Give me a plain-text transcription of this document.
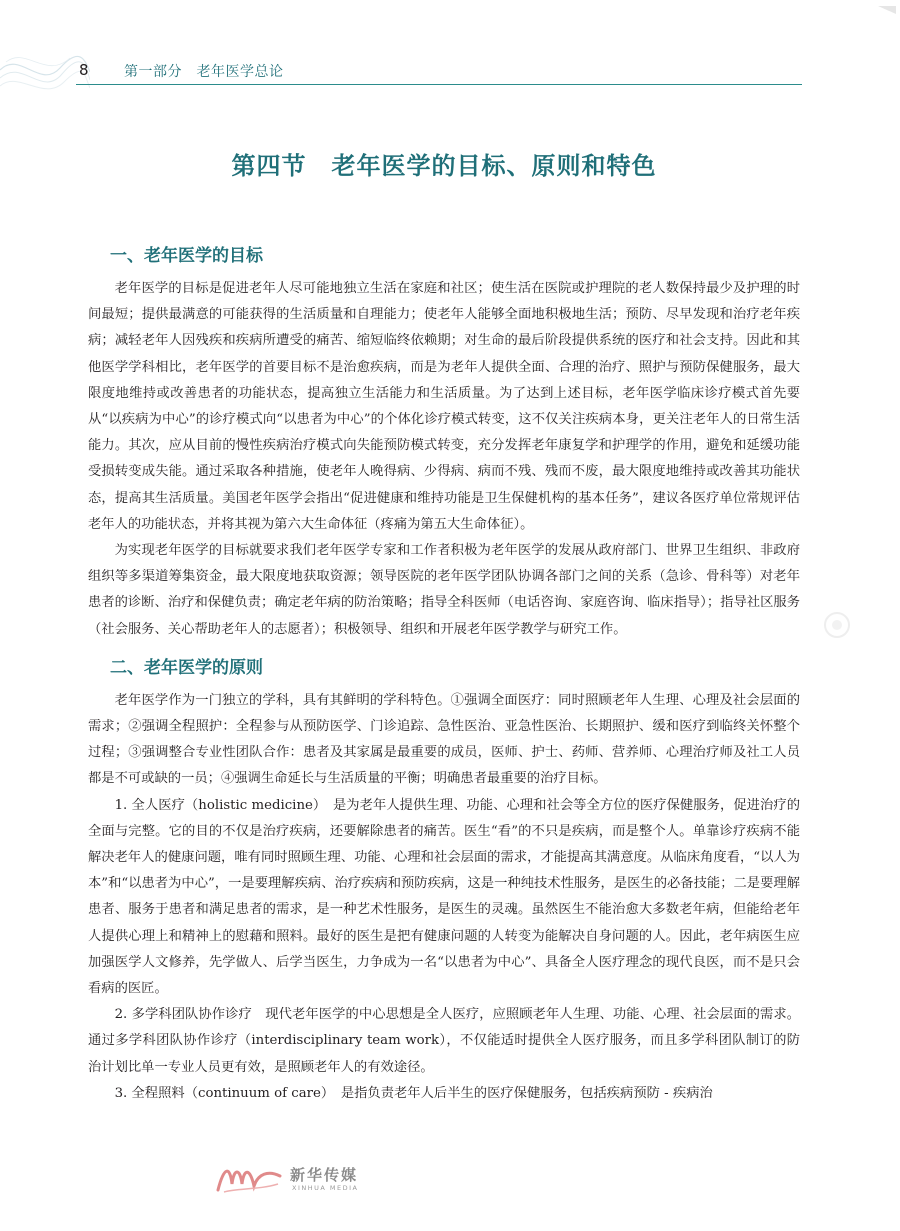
8	第一部分　老年医学总论
第四节　老年医学的目标、原则和特色
一、老年医学的目标

老年医学的目标是促进老年人尽可能地独立生活在家庭和社区；使生活在医院或护理院的老人数保持最少及护理的时间最短；提供最满意的可能获得的生活质量和自理能力；使老年人能够全面地积极地生活；预防、尽早发现和治疗老年疾病；减轻老年人因残疾和疾病所遭受的痛苦、缩短临终依赖期；对生命的最后阶段提供系统的医疗和社会支持。因此和其他医学学科相比，老年医学的首要目标不是治愈疾病，而是为老年人提供全面、合理的治疗、照护与预防保健服务，最大限度地维持或改善患者的功能状态，提高独立生活能力和生活质量。为了达到上述目标，老年医学临床诊疗模式首先要从“以疾病为中心”的诊疗模式向“以患者为中心”的个体化诊疗模式转变，这不仅关注疾病本身，更关注老年人的日常生活能力。其次，应从目前的慢性疾病治疗模式向失能预防模式转变，充分发挥老年康复学和护理学的作用，避免和延缓功能受损转变成失能。通过采取各种措施，使老年人晚得病、少得病、病而不残、残而不废，最大限度地维持或改善其功能状态，提高其生活质量。美国老年医学会指出“促进健康和维持功能是卫生保健机构的基本任务”，建议各医疗单位常规评估老年人的功能状态，并将其视为第六大生命体征（疼痛为第五大生命体征）。

为实现老年医学的目标就要求我们老年医学专家和工作者积极为老年医学的发展从政府部门、世界卫生组织、非政府组织等多渠道筹集资金，最大限度地获取资源；领导医院的老年医学团队协调各部门之间的关系（急诊、骨科等）对老年患者的诊断、治疗和保健负责；确定老年病的防治策略；指导全科医师（电话咨询、家庭咨询、临床指导）；指导社区服务（社会服务、关心帮助老年人的志愿者）；积极领导、组织和开展老年医学教学与研究工作。

二、老年医学的原则

老年医学作为一门独立的学科，具有其鲜明的学科特色。①强调全面医疗：同时照顾老年人生理、心理及社会层面的需求；②强调全程照护：全程参与从预防医学、门诊追踪、急性医治、亚急性医治、长期照护、缓和医疗到临终关怀整个过程；③强调整合专业性团队合作：患者及其家属是最重要的成员，医师、护士、药师、营养师、心理治疗师及社工人员都是不可或缺的一员；④强调生命延长与生活质量的平衡；明确患者最重要的治疗目标。

1. 全人医疗（holistic medicine）　是为老年人提供生理、功能、心理和社会等全方位的医疗保健服务，促进治疗的全面与完整。它的目的不仅是治疗疾病，还要解除患者的痛苦。医生“看”的不只是疾病，而是整个人。单靠诊疗疾病不能解决老年人的健康问题，唯有同时照顾生理、功能、心理和社会层面的需求，才能提高其满意度。从临床角度看，“以人为本”和“以患者为中心”，一是要理解疾病、治疗疾病和预防疾病，这是一种纯技术性服务，是医生的必备技能；二是要理解患者、服务于患者和满足患者的需求，是一种艺术性服务，是医生的灵魂。虽然医生不能治愈大多数老年病，但能给老年人提供心理上和精神上的慰藉和照料。最好的医生是把有健康问题的人转变为能解决自身问题的人。因此，老年病医生应加强医学人文修养，先学做人、后学当医生，力争成为一名“以患者为中心”、具备全人医疗理念的现代良医，而不是只会看病的医匠。

2. 多学科团队协作诊疗　现代老年医学的中心思想是全人医疗，应照顾老年人生理、功能、心理、社会层面的需求。通过多学科团队协作诊疗（interdisciplinary team work），不仅能适时提供全人医疗服务，而且多学科团队制订的防治计划比单一专业人员更有效，是照顾老年人的有效途径。

3. 全程照料（continuum of care）　是指负责老年人后半生的医疗保健服务，包括疾病预防 - 疾病治

新华传媒
XINHUA MEDIA
